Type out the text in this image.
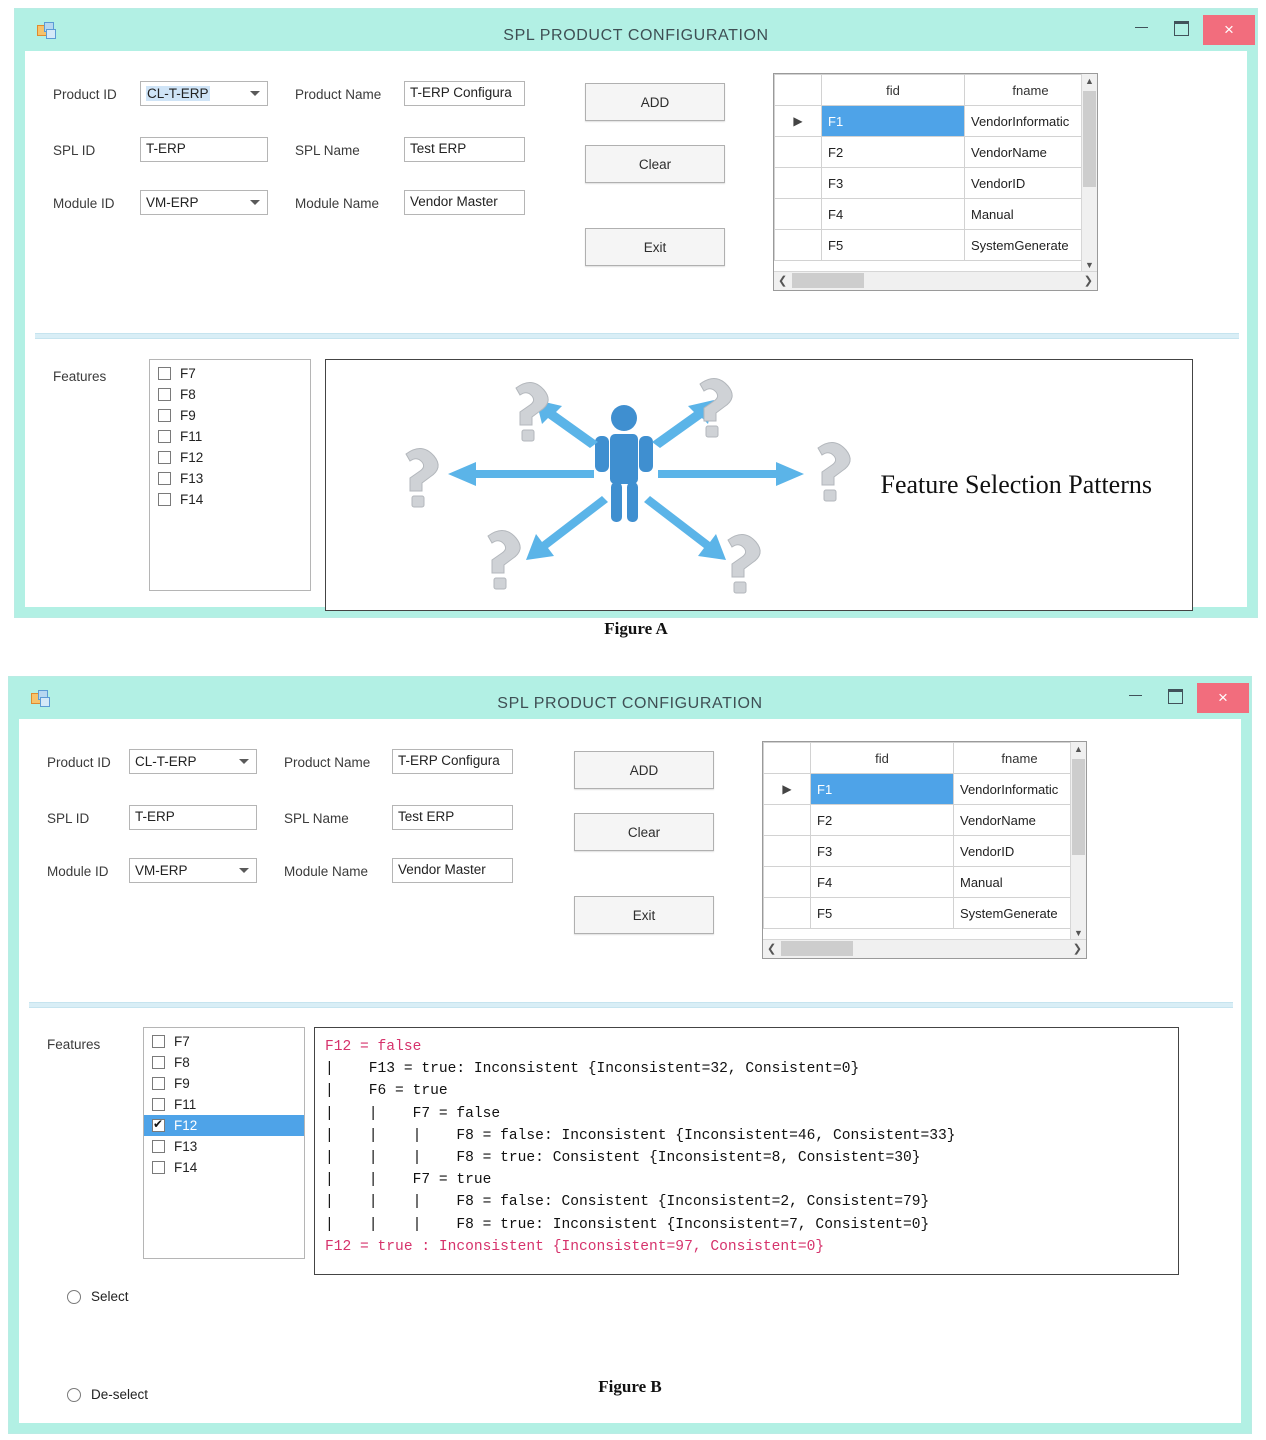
SPL PRODUCT CONFIGURATION	×
Product ID CL-T-ERP	Product Name	T-ERP Configura
SPL ID	T-ERP	SPL Name	Test ERP
Module ID VM-ERP	Module Name	Vendor Master
ADD
Clear
Exit
	fid	fname
▶	F1	VendorInformatic
	F2	VendorName
	F3	VendorID
	F4	Manual
	F5	SystemGenerate
▲
▼
❮	❯
Features	F7
F8
F9
F11
F12
F13
F14
Feature Selection Patterns
Figure A
SPL PRODUCT CONFIGURATION	×
Product ID CL-T-ERP	Product Name	T-ERP Configura
SPL ID	T-ERP	SPL Name	Test ERP
Module ID VM-ERP	Module Name	Vendor Master
ADD
Clear
Exit
	fid	fname
▶	F1	VendorInformatic
	F2	VendorName
	F3	VendorID
	F4	Manual
	F5	SystemGenerate
▲
▼
❮	❯
Features	F7
F8
F9
F11
✔
F12
F13
F14
F12 = false
|    F13 = true: Inconsistent {Inconsistent=32, Consistent=0}
|    F6 = true
|    |    F7 = false
|    |    |    F8 = false: Inconsistent {Inconsistent=46, Consistent=33}
|    |    |    F8 = true: Consistent {Inconsistent=8, Consistent=30}
|    |    F7 = true
|    |    |    F8 = false: Consistent {Inconsistent=2, Consistent=79}
|    |    |    F8 = true: Inconsistent {Inconsistent=7, Consistent=0}
F12 = true : Inconsistent {Inconsistent=97, Consistent=0}
Select
De-select	Figure B
